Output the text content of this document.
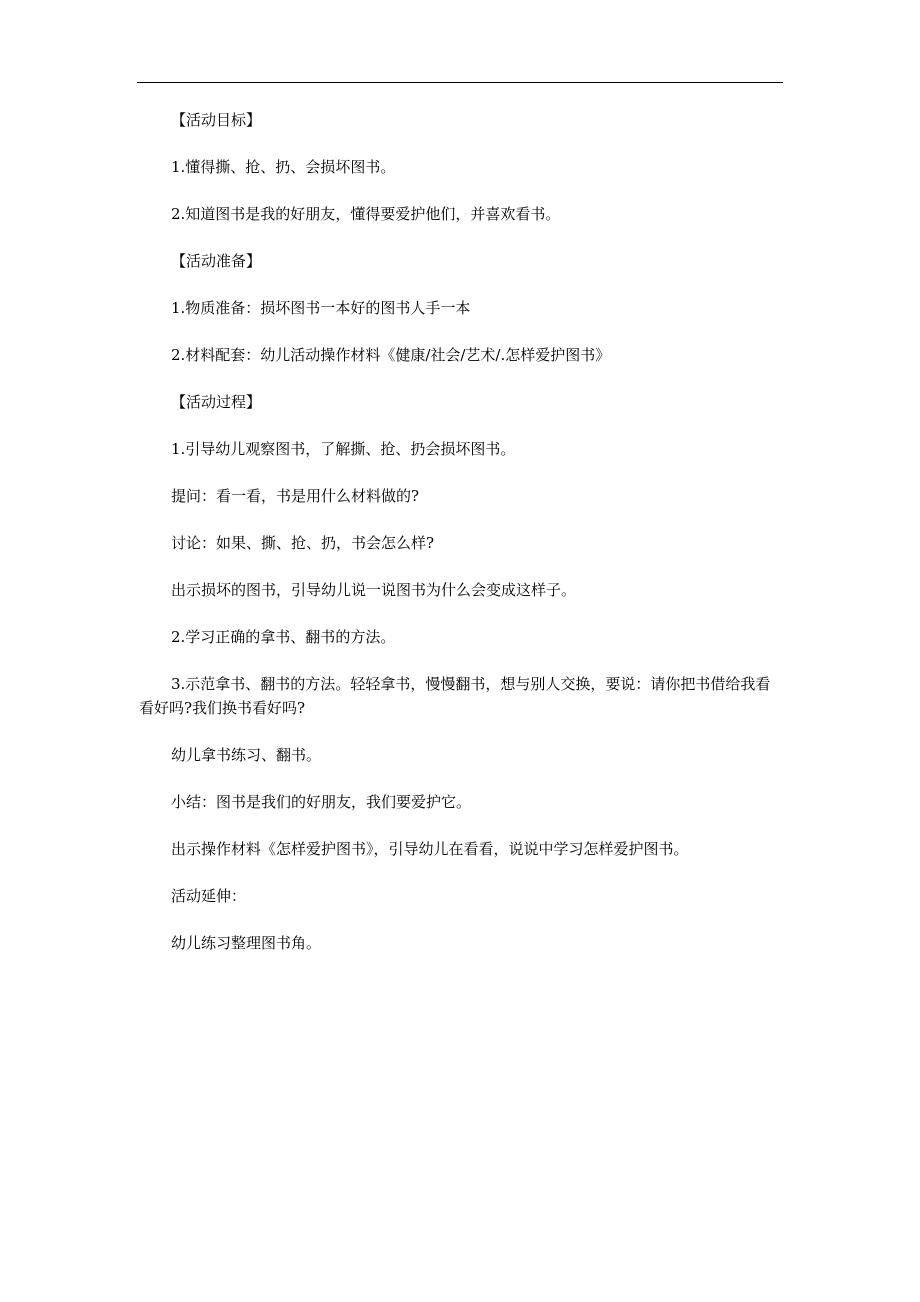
【活动目标】

1.懂得撕、抢、扔、会损坏图书。

2.知道图书是我的好朋友，懂得要爱护他们，并喜欢看书。

【活动准备】

1.物质准备：损坏图书一本好的图书人手一本

2.材料配套：幼儿活动操作材料《健康/社会/艺术/.怎样爱护图书》

【活动过程】

1.引导幼儿观察图书，了解撕、抢、扔会损坏图书。

提问：看一看，书是用什么材料做的?

讨论：如果、撕、抢、扔，书会怎么样?

出示损坏的图书，引导幼儿说一说图书为什么会变成这样子。

2.学习正确的拿书、翻书的方法。

3.示范拿书、翻书的方法。轻轻拿书，慢慢翻书，想与别人交换，要说：请你把书借给我看看好吗?我们换书看好吗?

幼儿拿书练习、翻书。

小结：图书是我们的好朋友，我们要爱护它。

出示操作材料《怎样爱护图书》，引导幼儿在看看，说说中学习怎样爱护图书。

活动延伸：

幼儿练习整理图书角。
